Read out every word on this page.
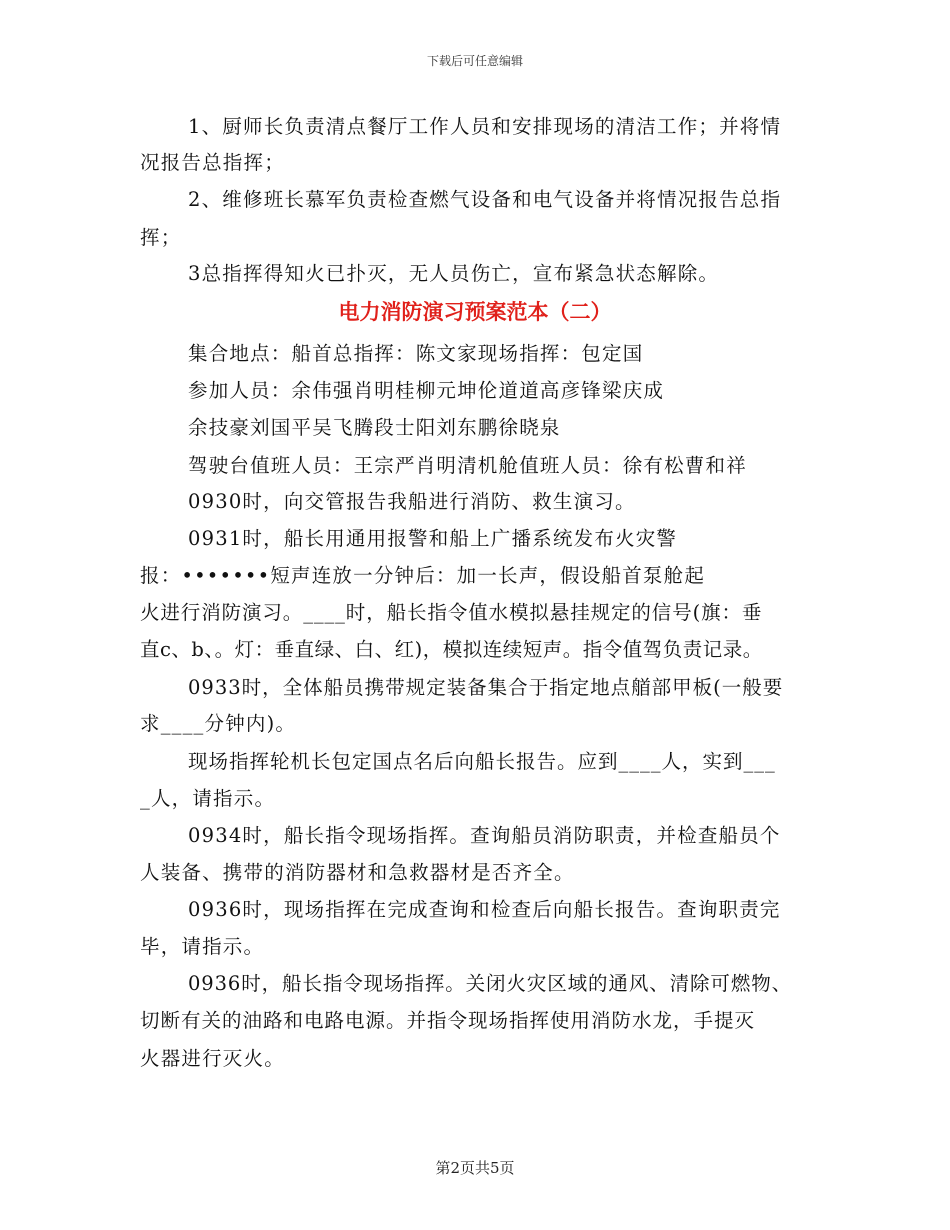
下载后可任意编辑
1、厨师长负责清点餐厅工作人员和安排现场的清洁工作；并将情
况报告总指挥；
2、维修班长慕军负责检查燃气设备和电气设备并将情况报告总指
挥；
3总指挥得知火已扑灭，无人员伤亡，宣布紧急状态解除。
电力消防演习预案范本（二）
集合地点：船首总指挥：陈文家现场指挥：包定国
参加人员：余伟强肖明桂柳元坤伦道道高彦锋梁庆成
余技豪刘国平吴飞腾段士阳刘东鹏徐晓泉
驾驶台值班人员：王宗严肖明清机舱值班人员：徐有松曹和祥
0930时，向交管报告我船进行消防、救生演习。
0931时，船长用通用报警和船上广播系统发布火灾警
报：•••••••短声连放一分钟后：加一长声，假设船首泵舱起
火进行消防演习。____时，船长指令值水模拟悬挂规定的信号(旗：垂
直c、b、。灯：垂直绿、白、红)，模拟连续短声。指令值驾负责记录。
0933时，全体船员携带规定装备集合于指定地点艏部甲板(一般要
求____分钟内)。
现场指挥轮机长包定国点名后向船长报告。应到____人，实到___
_人，请指示。
0934时，船长指令现场指挥。查询船员消防职责，并检查船员个
人装备、携带的消防器材和急救器材是否齐全。
0936时，现场指挥在完成查询和检查后向船长报告。查询职责完
毕，请指示。
0936时，船长指令现场指挥。关闭火灾区域的通风、清除可燃物、
切断有关的油路和电路电源。并指令现场指挥使用消防水龙，手提灭
火器进行灭火。
第2页共5页
